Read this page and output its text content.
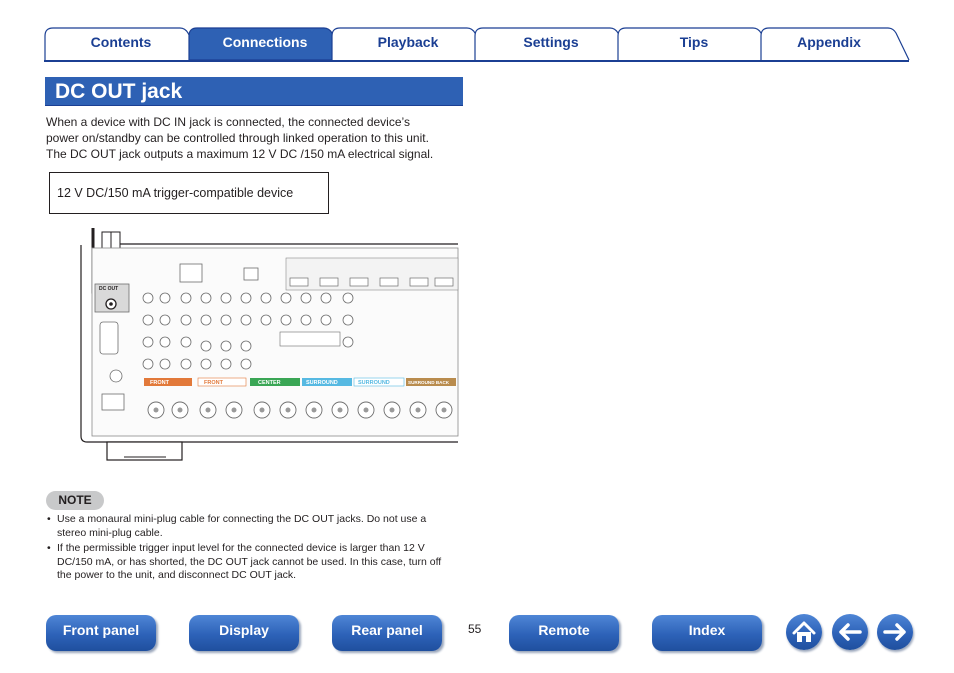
Contents	Connections	Playback	Settings	Tips	Appendix
DC OUT jack
When a device with DC IN jack is connected, the connected device’s
power on/standby can be controlled through linked operation to this unit.
The DC OUT jack outputs a maximum 12 V DC /150 mA electrical signal.
12 V DC/150 mA trigger-compatible device
DC OUT
FRONT	FRONT	CENTER	SURROUND	SURROUND	SURROUND BACK
NOTE
• Use a monaural mini-plug cable for connecting the DC OUT jacks. Do not use a
stereo mini-plug cable.
• If the permissible trigger input level for the connected device is larger than 12 V
DC/150 mA, or has shorted, the DC OUT jack cannot be used. In this case, turn off
the power to the unit, and disconnect DC OUT jack.
Front panel	Display	Rear panel	55	Remote	Index
